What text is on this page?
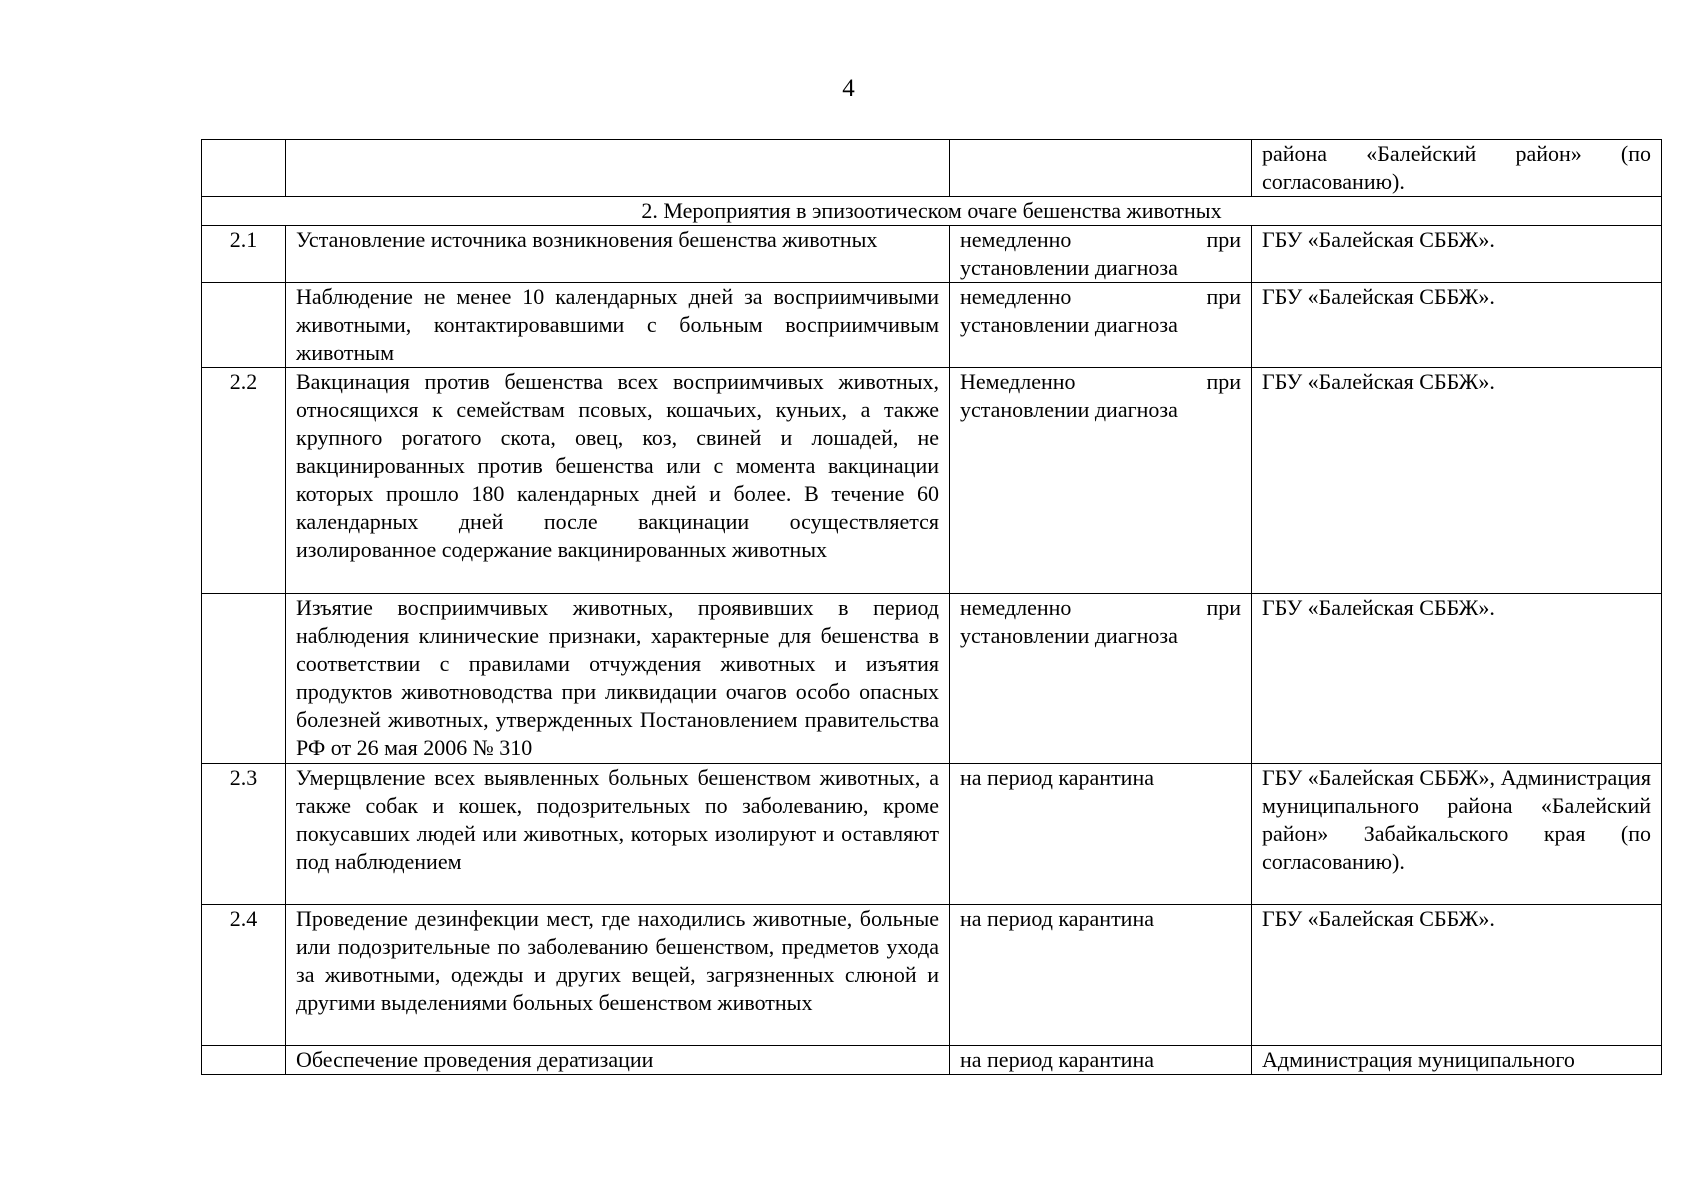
4
			района «Балейский район» (по согласованию).
2. Мероприятия в эпизоотическом очаге бешенства животных			
2.1	Установление источника возникновения бешенства животных	немедленно при установлении диагноза	ГБУ «Балейская СББЖ».
	Наблюдение не менее 10 календарных дней за восприимчивыми животными, контактировавшими с больным восприимчивым животным	немедленно при установлении диагноза	ГБУ «Балейская СББЖ».
2.2	Вакцинация против бешенства всех восприимчивых животных, относящихся к семействам псовых, кошачьих, куньих, а также крупного рогатого скота, овец, коз, свиней и лошадей, не вакцинированных против бешенства или с момента вакцинации которых прошло 180 календарных дней и более. В течение 60 календарных дней после вакцинации осуществляется изолированное содержание вакцинированных животных	Немедленно при установлении диагноза	ГБУ «Балейская СББЖ».
	Изъятие восприимчивых животных, проявивших в период наблюдения клинические признаки, характерные для бешенства в соответствии с правилами отчуждения животных и изъятия продуктов животноводства при ликвидации очагов особо опасных болезней животных, утвержденных Постановлением правительства РФ от 26 мая 2006 № 310	немедленно при установлении диагноза	ГБУ «Балейская СББЖ».
2.3	Умерщвление всех выявленных больных бешенством животных, а также собак и кошек, подозрительных по заболеванию, кроме покусавших людей или животных, которых изолируют и оставляют под наблюдением	на период карантина	ГБУ «Балейская СББЖ», Администрация муниципального района «Балейский район» Забайкальского края (по согласованию).
2.4	Проведение дезинфекции мест, где находились животные, больные или подозрительные по заболеванию бешенством, предметов ухода за животными, одежды и других вещей, загрязненных слюной и другими выделениями больных бешенством животных	на период карантина	ГБУ «Балейская СББЖ».
	Обеспечение проведения дератизации	на период карантина	Администрация муниципального
